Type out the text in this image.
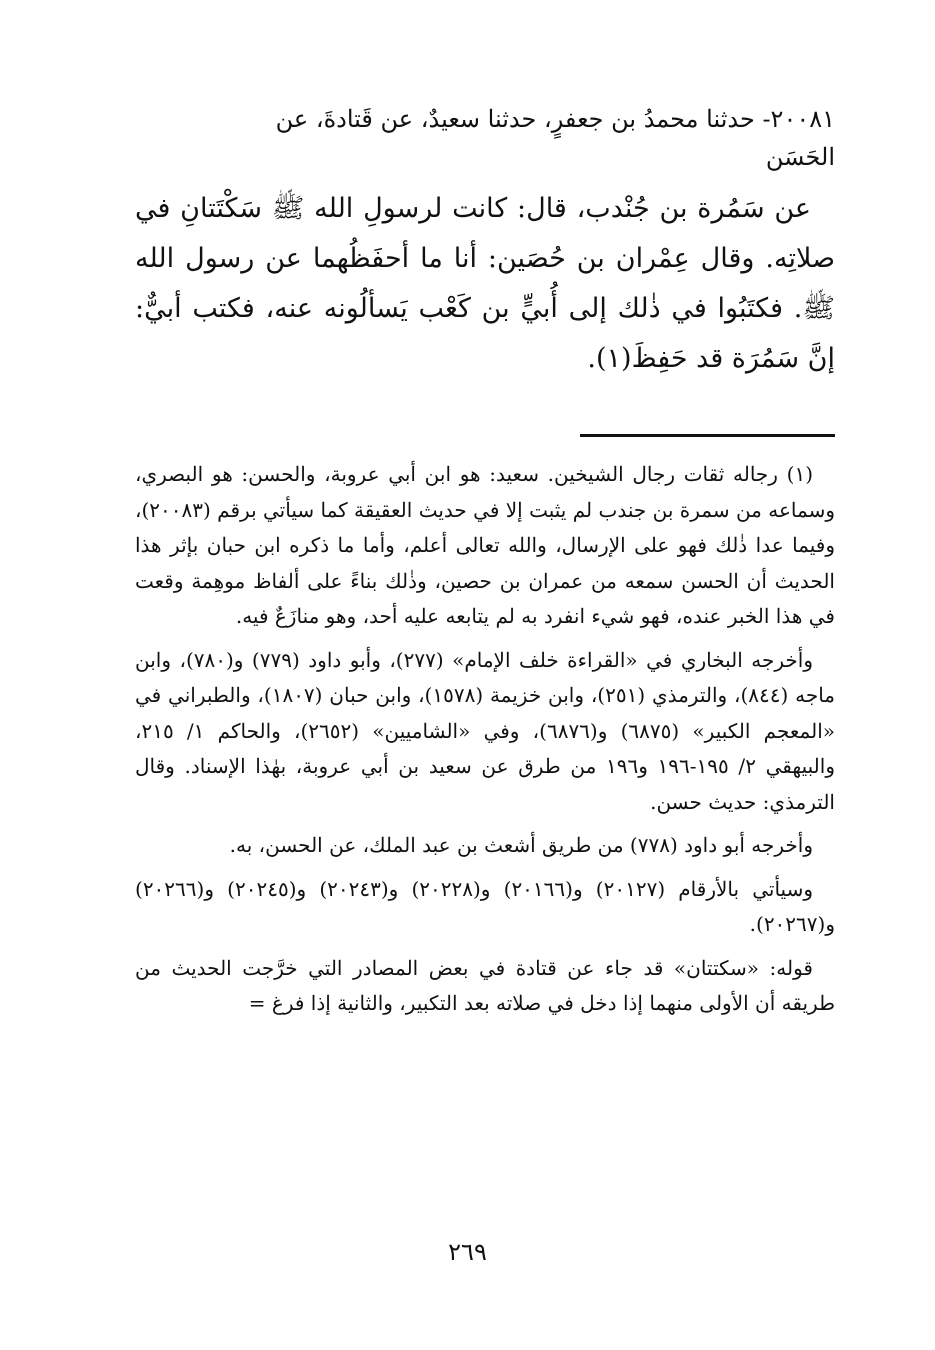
٢٠٠٨١- حدثنا محمدُ بن جعفرٍ، حدثنا سعيدٌ، عن قَتادةَ، عن

الحَسَن

عن سَمُرة بن جُنْدب، قال: كانت لرسولِ الله ﷺ سَكْتَتانِ في صلاتِه. وقال عِمْران بن حُصَين: أنا ما أحفَظُهما عن رسول الله ﷺ. فكتَبُوا في ذٰلك إلى أُبيٍّ بن كَعْب يَسألُونه عنه، فكتب أبيٌّ: إنَّ سَمُرَة قد حَفِظَ(١).

(١) رجاله ثقات رجال الشيخين. سعيد: هو ابن أبي عروبة، والحسن: هو البصري، وسماعه من سمرة بن جندب لم يثبت إلا في حديث العقيقة كما سيأتي برقم (٢٠٠٨٣)، وفيما عدا ذٰلك فهو على الإرسال، والله تعالى أعلم، وأما ما ذكره ابن حبان بإثر هذا الحديث أن الحسن سمعه من عمران بن حصين، وذٰلك بناءً على ألفاظ موهِمة وقعت في هذا الخبر عنده، فهو شيء انفرد به لم يتابعه عليه أحد، وهو منازَعٌ فيه.

وأخرجه البخاري في «القراءة خلف الإمام» (٢٧٧)، وأبو داود (٧٧٩) و(٧٨٠)، وابن ماجه (٨٤٤)، والترمذي (٢٥١)، وابن خزيمة (١٥٧٨)، وابن حبان (١٨٠٧)، والطبراني في «المعجم الكبير» (٦٨٧٥) و(٦٨٧٦)، وفي «الشاميين» (٢٦٥٢)، والحاكم ١/ ٢١٥، والبيهقي ٢/ ١٩٥-١٩٦ و١٩٦ من طرق عن سعيد بن أبي عروبة، بهٰذا الإسناد. وقال الترمذي: حديث حسن.

وأخرجه أبو داود (٧٧٨) من طريق أشعث بن عبد الملك، عن الحسن، به.

وسيأتي بالأرقام (٢٠١٢٧) و(٢٠١٦٦) و(٢٠٢٢٨) و(٢٠٢٤٣) و(٢٠٢٤٥) و(٢٠٢٦٦) و(٢٠٢٦٧).

قوله: «سكتتان» قد جاء عن قتادة في بعض المصادر التي خرَّجت الحديث من طريقه أن الأولى منهما إذا دخل في صلاته بعد التكبير، والثانية إذا فرغ =

٢٦٩
